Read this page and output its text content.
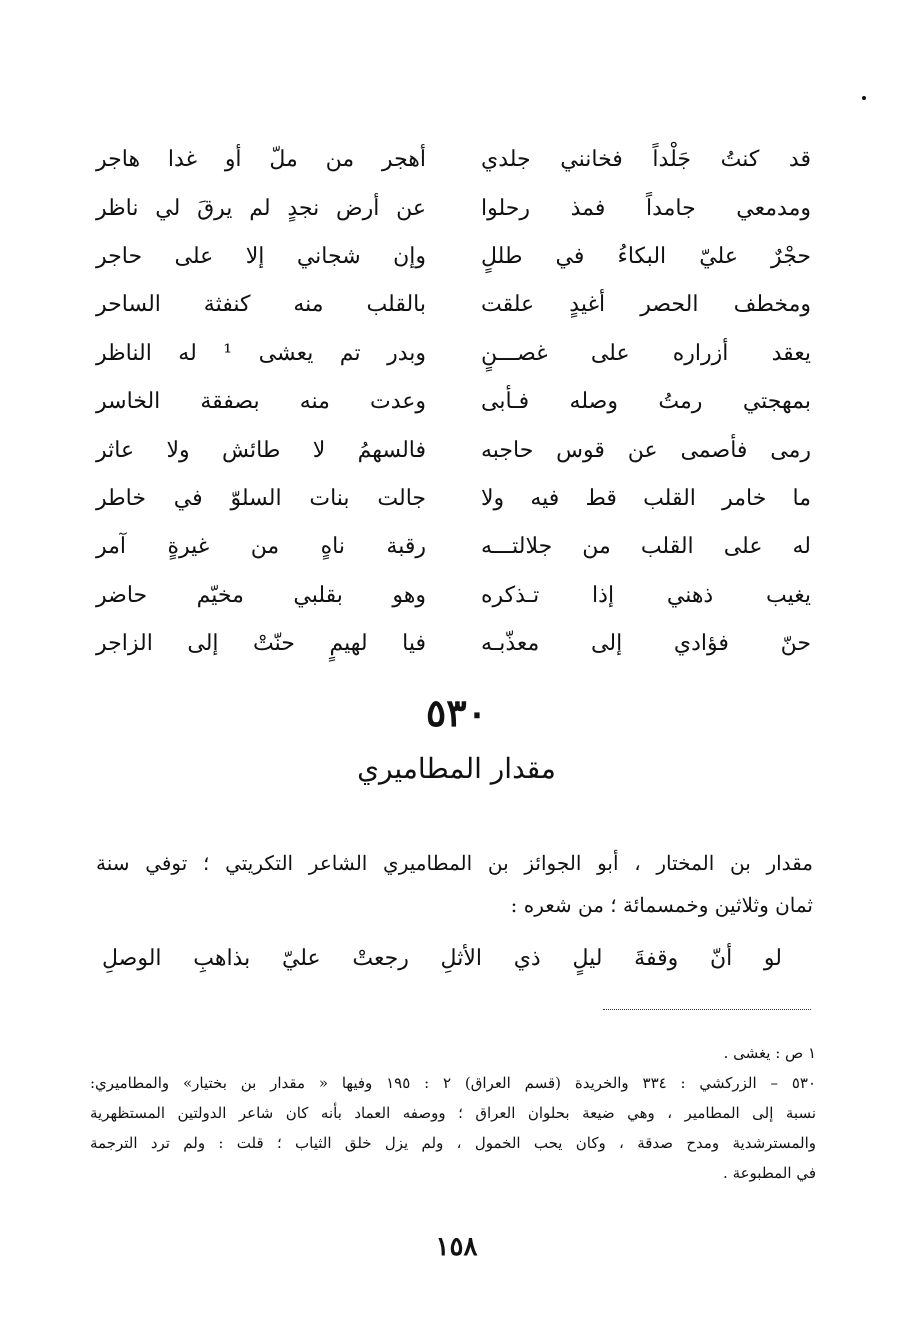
قد كنتُ جَلْداً فخانني جلدي
أهجر من ملّ أو غدا هاجر
ومدمعي جامداً فمذ رحلوا
عن أرض نجدٍ لم يرقَ لي ناظر
حجْرٌ عليّ البكاءُ في طللٍ
وإن شجاني إلا على حاجر
ومخطف الحصر أغيدٍ علقت
بالقلب منه كنفثة الساحر
يعقد أزراره على غصـــنٍ
وبدر تم يعشى ¹ له الناظر
بمهجتي رمتُ وصله فـأبى
وعدت منه بصفقة الخاسر
رمى فأصمى عن قوس حاجبه
فالسهمُ لا طائش ولا عاثر
ما خامر القلب قط فيه ولا
جالت بنات السلوّ في خاطر
له على القلب من جلالتـــه
رقبة ناهٍ من غيرةٍ آمر
يغيب ذهني إذا تـذكره
وهو بقلبي مخيّم حاضر
حنّ فؤادي إلى معذّبـه
فيا لهيمٍ حنّتْ إلى الزاجر
٥٣٠
مقدار المطاميري
مقدار بن المختار ، أبو الجوائز بن المطاميري الشاعر التكريتي ؛ توفي سنة
ثمان وثلاثين وخمسمائة ؛ من شعره :
لو أنّ وقفةَ ليلٍ ذي الأثلِ رجعتْ عليّ بذاهبِ الوصلِ
١ ص : يغشى .
٥٣٠ – الزركشي : ٣٣٤ والخريدة (قسم العراق) ٢ : ١٩٥ وفيها « مقدار بن بختيار» والمطاميري:
نسبة إلى المطامير ، وهي ضيعة بحلوان العراق ؛ ووصفه العماد بأنه كان شاعر الدولتين المستظهرية
والمسترشدية ومدح صدقة ، وكان يحب الخمول ، ولم يزل خلق الثياب ؛ قلت : ولم ترد الترجمة
في المطبوعة .
١٥٨
